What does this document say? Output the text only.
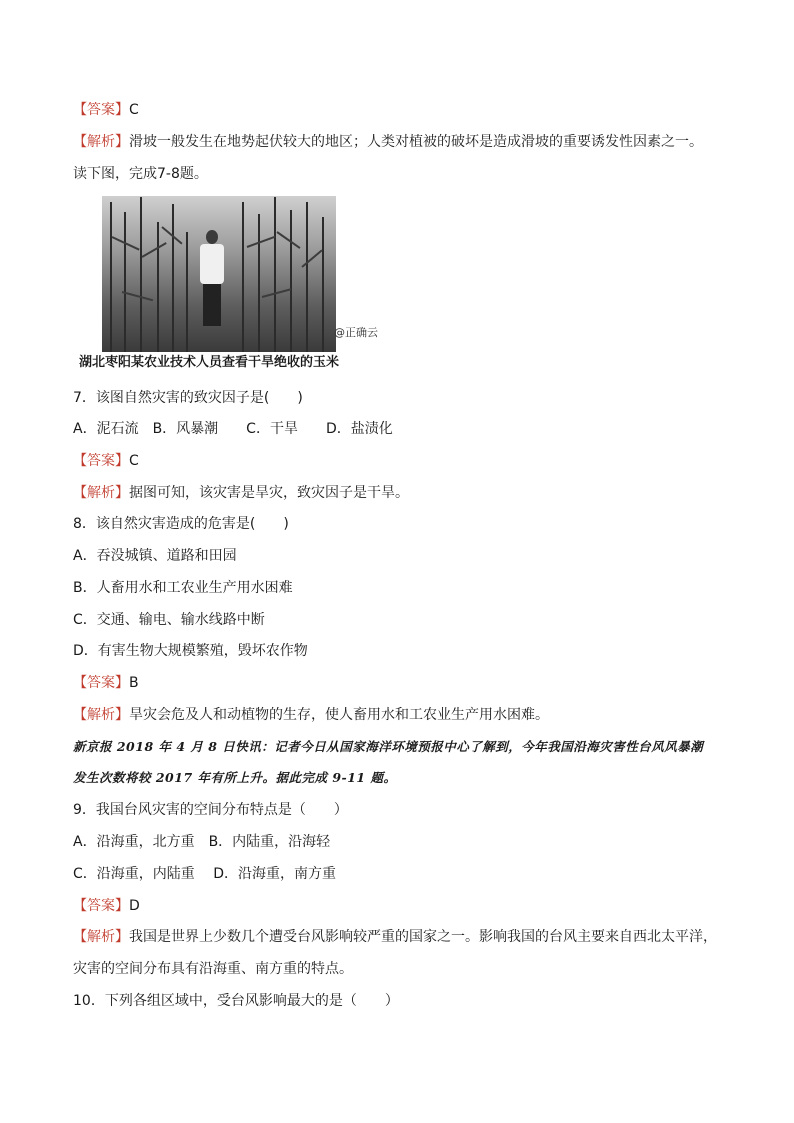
【答案】C
【解析】滑坡一般发生在地势起伏较大的地区；人类对植被的破坏是造成滑坡的重要诱发性因素之一。
读下图，完成7-8题。
@正确云
湖北枣阳某农业技术人员查看干旱绝收的玉米
7．该图自然灾害的致灾因子是(　　)
A．泥石流　B．风暴潮　　C．干旱　　D．盐渍化
【答案】C
【解析】据图可知，该灾害是旱灾，致灾因子是干旱。
8．该自然灾害造成的危害是(　　)
A．吞没城镇、道路和田园
B．人畜用水和工农业生产用水困难
C．交通、输电、输水线路中断
D．有害生物大规模繁殖，毁坏农作物
【答案】B
【解析】旱灾会危及人和动植物的生存，使人畜用水和工农业生产用水困难。
新京报 2018 年 4 月 8 日快讯：记者今日从国家海洋环境预报中心了解到，今年我国沿海灾害性台风风暴潮
发生次数将较 2017 年有所上升。据此完成 9-11 题。
9．我国台风灾害的空间分布特点是（　　）
A．沿海重，北方重　B．内陆重，沿海轻
C．沿海重，内陆重　 D．沿海重，南方重
【答案】D
【解析】我国是世界上少数几个遭受台风影响较严重的国家之一。影响我国的台风主要来自西北太平洋，
灾害的空间分布具有沿海重、南方重的特点。
10．下列各组区域中，受台风影响最大的是（　　）
